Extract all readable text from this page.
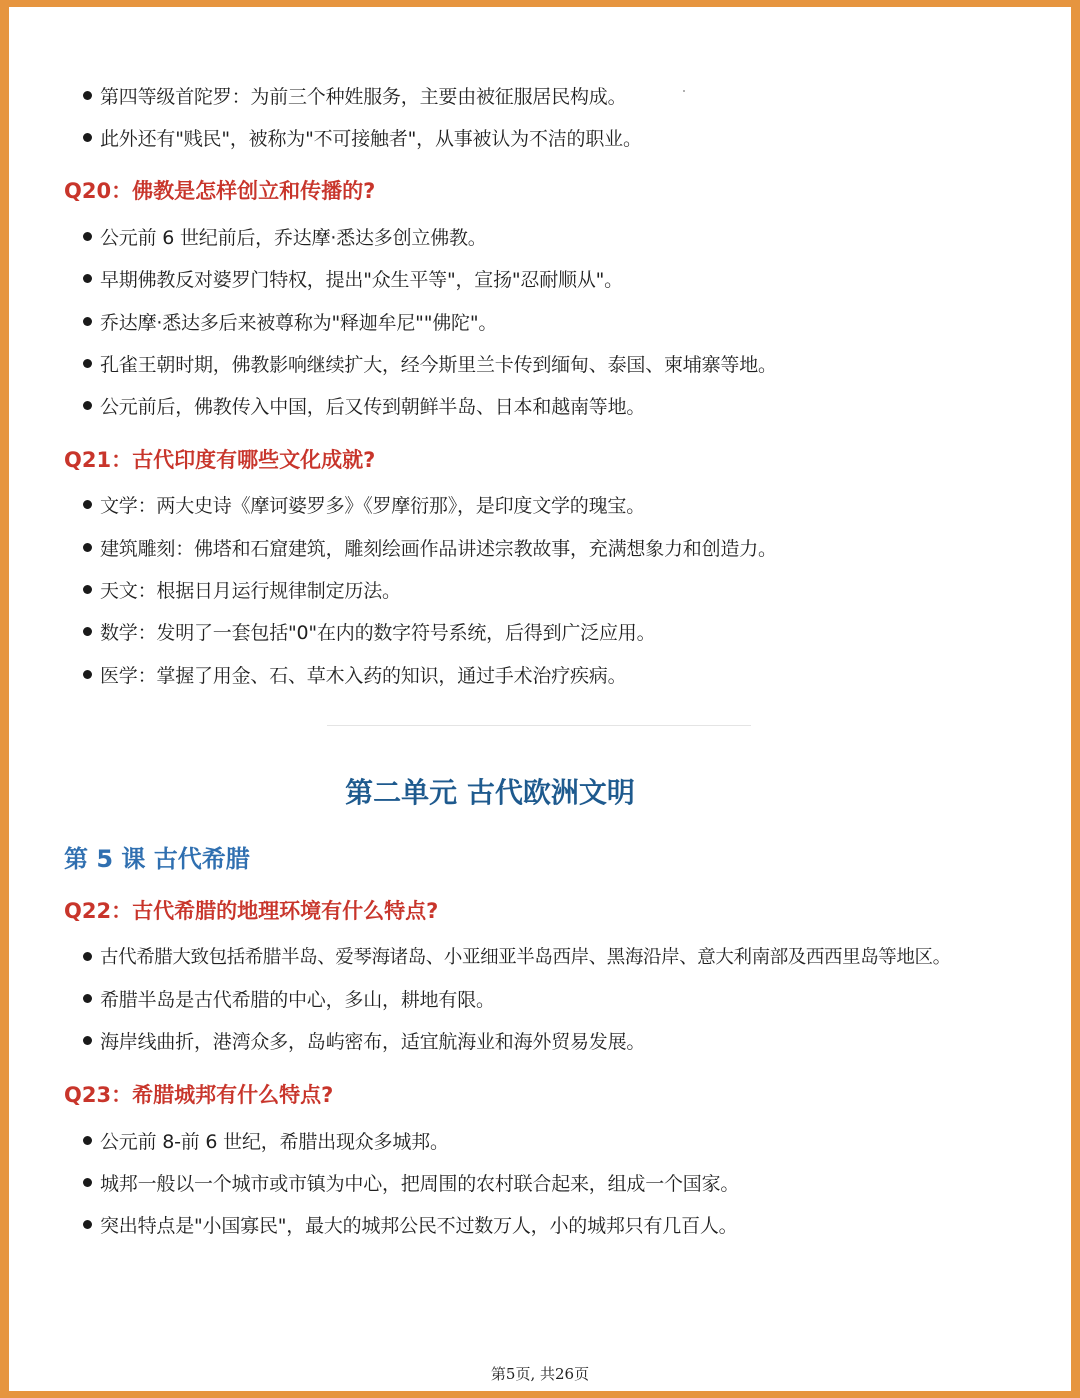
第四等级首陀罗：为前三个种姓服务，主要由被征服居民构成。
此外还有"贱民"，被称为"不可接触者"，从事被认为不洁的职业。
Q20：佛教是怎样创立和传播的?
公元前 6 世纪前后，乔达摩·悉达多创立佛教。
早期佛教反对婆罗门特权，提出"众生平等"，宣扬"忍耐顺从"。
乔达摩·悉达多后来被尊称为"释迦牟尼""佛陀"。
孔雀王朝时期，佛教影响继续扩大，经今斯里兰卡传到缅甸、泰国、柬埔寨等地。
公元前后，佛教传入中国，后又传到朝鲜半岛、日本和越南等地。
Q21：古代印度有哪些文化成就?
文学：两大史诗《摩诃婆罗多》《罗摩衍那》，是印度文学的瑰宝。
建筑雕刻：佛塔和石窟建筑，雕刻绘画作品讲述宗教故事，充满想象力和创造力。
天文：根据日月运行规律制定历法。
数学：发明了一套包括"0"在内的数字符号系统，后得到广泛应用。
医学：掌握了用金、石、草木入药的知识，通过手术治疗疾病。
第二单元 古代欧洲文明
第 5 课 古代希腊
Q22：古代希腊的地理环境有什么特点?
古代希腊大致包括希腊半岛、爱琴海诸岛、小亚细亚半岛西岸、黑海沿岸、意大利南部及西西里岛等地区。
希腊半岛是古代希腊的中心，多山，耕地有限。
海岸线曲折，港湾众多，岛屿密布，适宜航海业和海外贸易发展。
Q23：希腊城邦有什么特点?
公元前 8-前 6 世纪，希腊出现众多城邦。
城邦一般以一个城市或市镇为中心，把周围的农村联合起来，组成一个国家。
突出特点是"小国寡民"，最大的城邦公民不过数万人，小的城邦只有几百人。
第5页, 共26页
